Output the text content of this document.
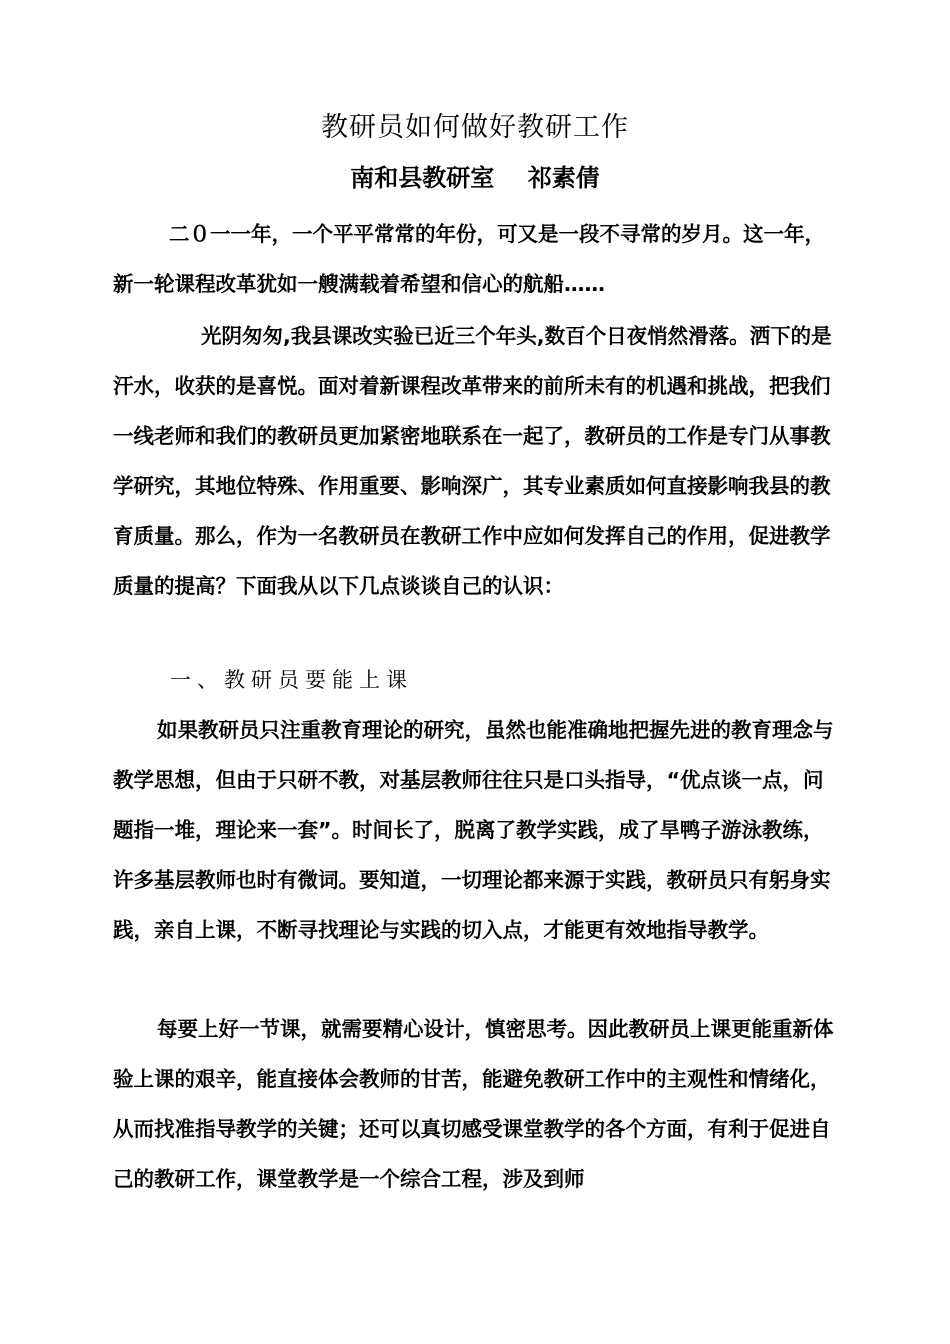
教研员如何做好教研工作
南和县教研室    祁素倩

二０一一年，一个平平常常的年份，可又是一段不寻常的岁月。这一年，新一轮课程改革犹如一艘满载着希望和信心的航船……

光阴匆匆,我县课改实验已近三个年头,数百个日夜悄然滑落。洒下的是汗水，收获的是喜悦。面对着新课程改革带来的前所未有的机遇和挑战，把我们一线老师和我们的教研员更加紧密地联系在一起了，教研员的工作是专门从事教学研究，其地位特殊、作用重要、影响深广，其专业素质如何直接影响我县的教育质量。那么，作为一名教研员在教研工作中应如何发挥自己的作用，促进教学质量的提高？下面我从以下几点谈谈自己的认识：

一、教研员要能上课

如果教研员只注重教育理论的研究，虽然也能准确地把握先进的教育理念与教学思想，但由于只研不教，对基层教师往往只是口头指导，“优点谈一点，问题指一堆，理论来一套”。时间长了，脱离了教学实践，成了旱鸭子游泳教练，许多基层教师也时有微词。要知道，一切理论都来源于实践，教研员只有躬身实践，亲自上课，不断寻找理论与实践的切入点，才能更有效地指导教学。

每要上好一节课，就需要精心设计，慎密思考。因此教研员上课更能重新体验上课的艰辛，能直接体会教师的甘苦，能避免教研工作中的主观性和情绪化，从而找准指导教学的关键；还可以真切感受课堂教学的各个方面，有利于促进自己的教研工作，课堂教学是一个综合工程，涉及到师
